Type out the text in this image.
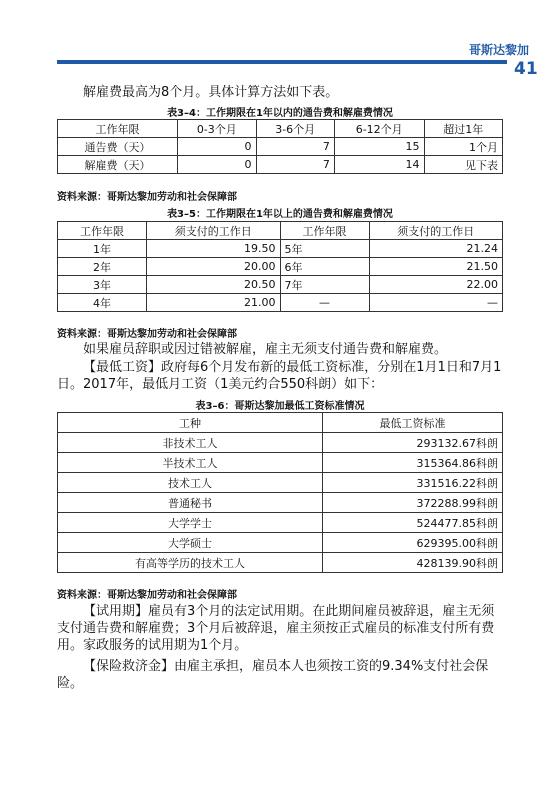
哥斯达黎加
41
解雇费最高为8个月。具体计算方法如下表。
表3–4：工作期限在1年以内的通告费和解雇费情况
工作年限	0-3个月	3-6个月	6-12个月	超过1年
通告费（天）	0	7	15	1个月
解雇费（天）	0	7	14	见下表
资料来源：哥斯达黎加劳动和社会保障部
表3–5：工作期限在1年以上的通告费和解雇费情况
工作年限	须支付的工作日	工作年限	须支付的工作日
1年	19.50	5年	21.24
2年	20.00	6年	21.50
3年	20.50	7年	22.00
4年	21.00	—	—
资料来源：哥斯达黎加劳动和社会保障部
如果雇员辞职或因过错被解雇，雇主无须支付通告费和解雇费。
【最低工资】政府每6个月发布新的最低工资标准，分别在1月1日和7月1日。2017年，最低月工资（1美元约合550科朗）如下：
表3–6：哥斯达黎加最低工资标准情况
工种	最低工资标准
非技术工人	293132.67科朗
半技术工人	315364.86科朗
技术工人	331516.22科朗
普通秘书	372288.99科朗
大学学士	524477.85科朗
大学硕士	629395.00科朗
有高等学历的技术工人	428139.90科朗
资料来源：哥斯达黎加劳动和社会保障部
【试用期】雇员有3个月的法定试用期。在此期间雇员被辞退，雇主无须支付通告费和解雇费；3个月后被辞退，雇主须按正式雇员的标准支付所有费用。家政服务的试用期为1个月。
【保险救济金】由雇主承担，雇员本人也须按工资的9.34%支付社会保险。
